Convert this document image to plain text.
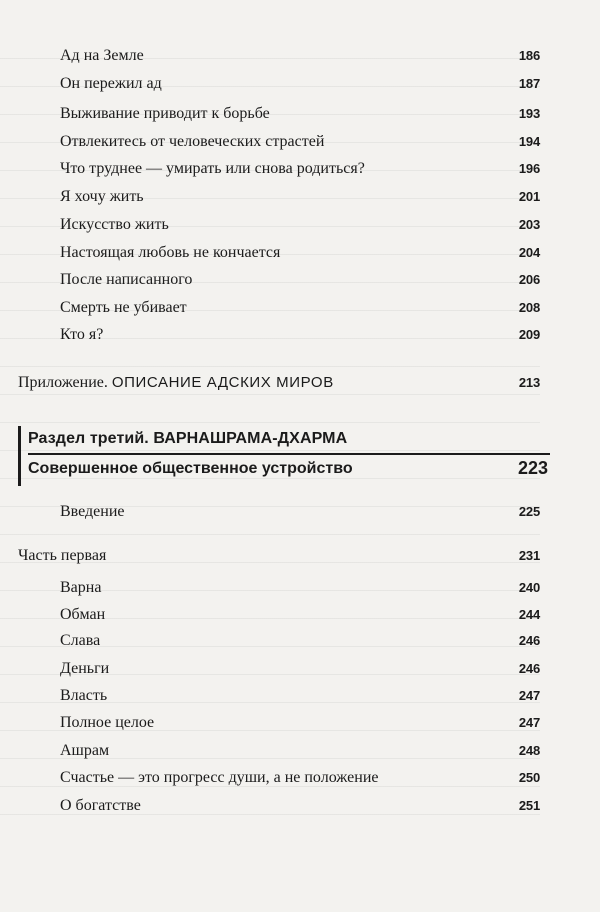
Ад на Земле	186
Он пережил ад	187
Выживание приводит к борьбе	193
Отвлекитесь от человеческих страстей	194
Что труднее — умирать или снова родиться?	196
Я хочу жить	201
Искусство жить	203
Настоящая любовь не кончается	204
После написанного	206
Смерть не убивает	208
Кто я?	209
Приложение. ОПИСАНИЕ АДСКИХ МИРОВ	213
Раздел третий. ВАРНАШРАМА-ДХАРМА
Совершенное общественное устройство	223
Введение	225
Часть первая	231
Варна	240
Обман	244
Слава	246
Деньги	246
Власть	247
Полное целое	247
Ашрам	248
Счастье — это прогресс души, а не положение	250
О богатстве	251
